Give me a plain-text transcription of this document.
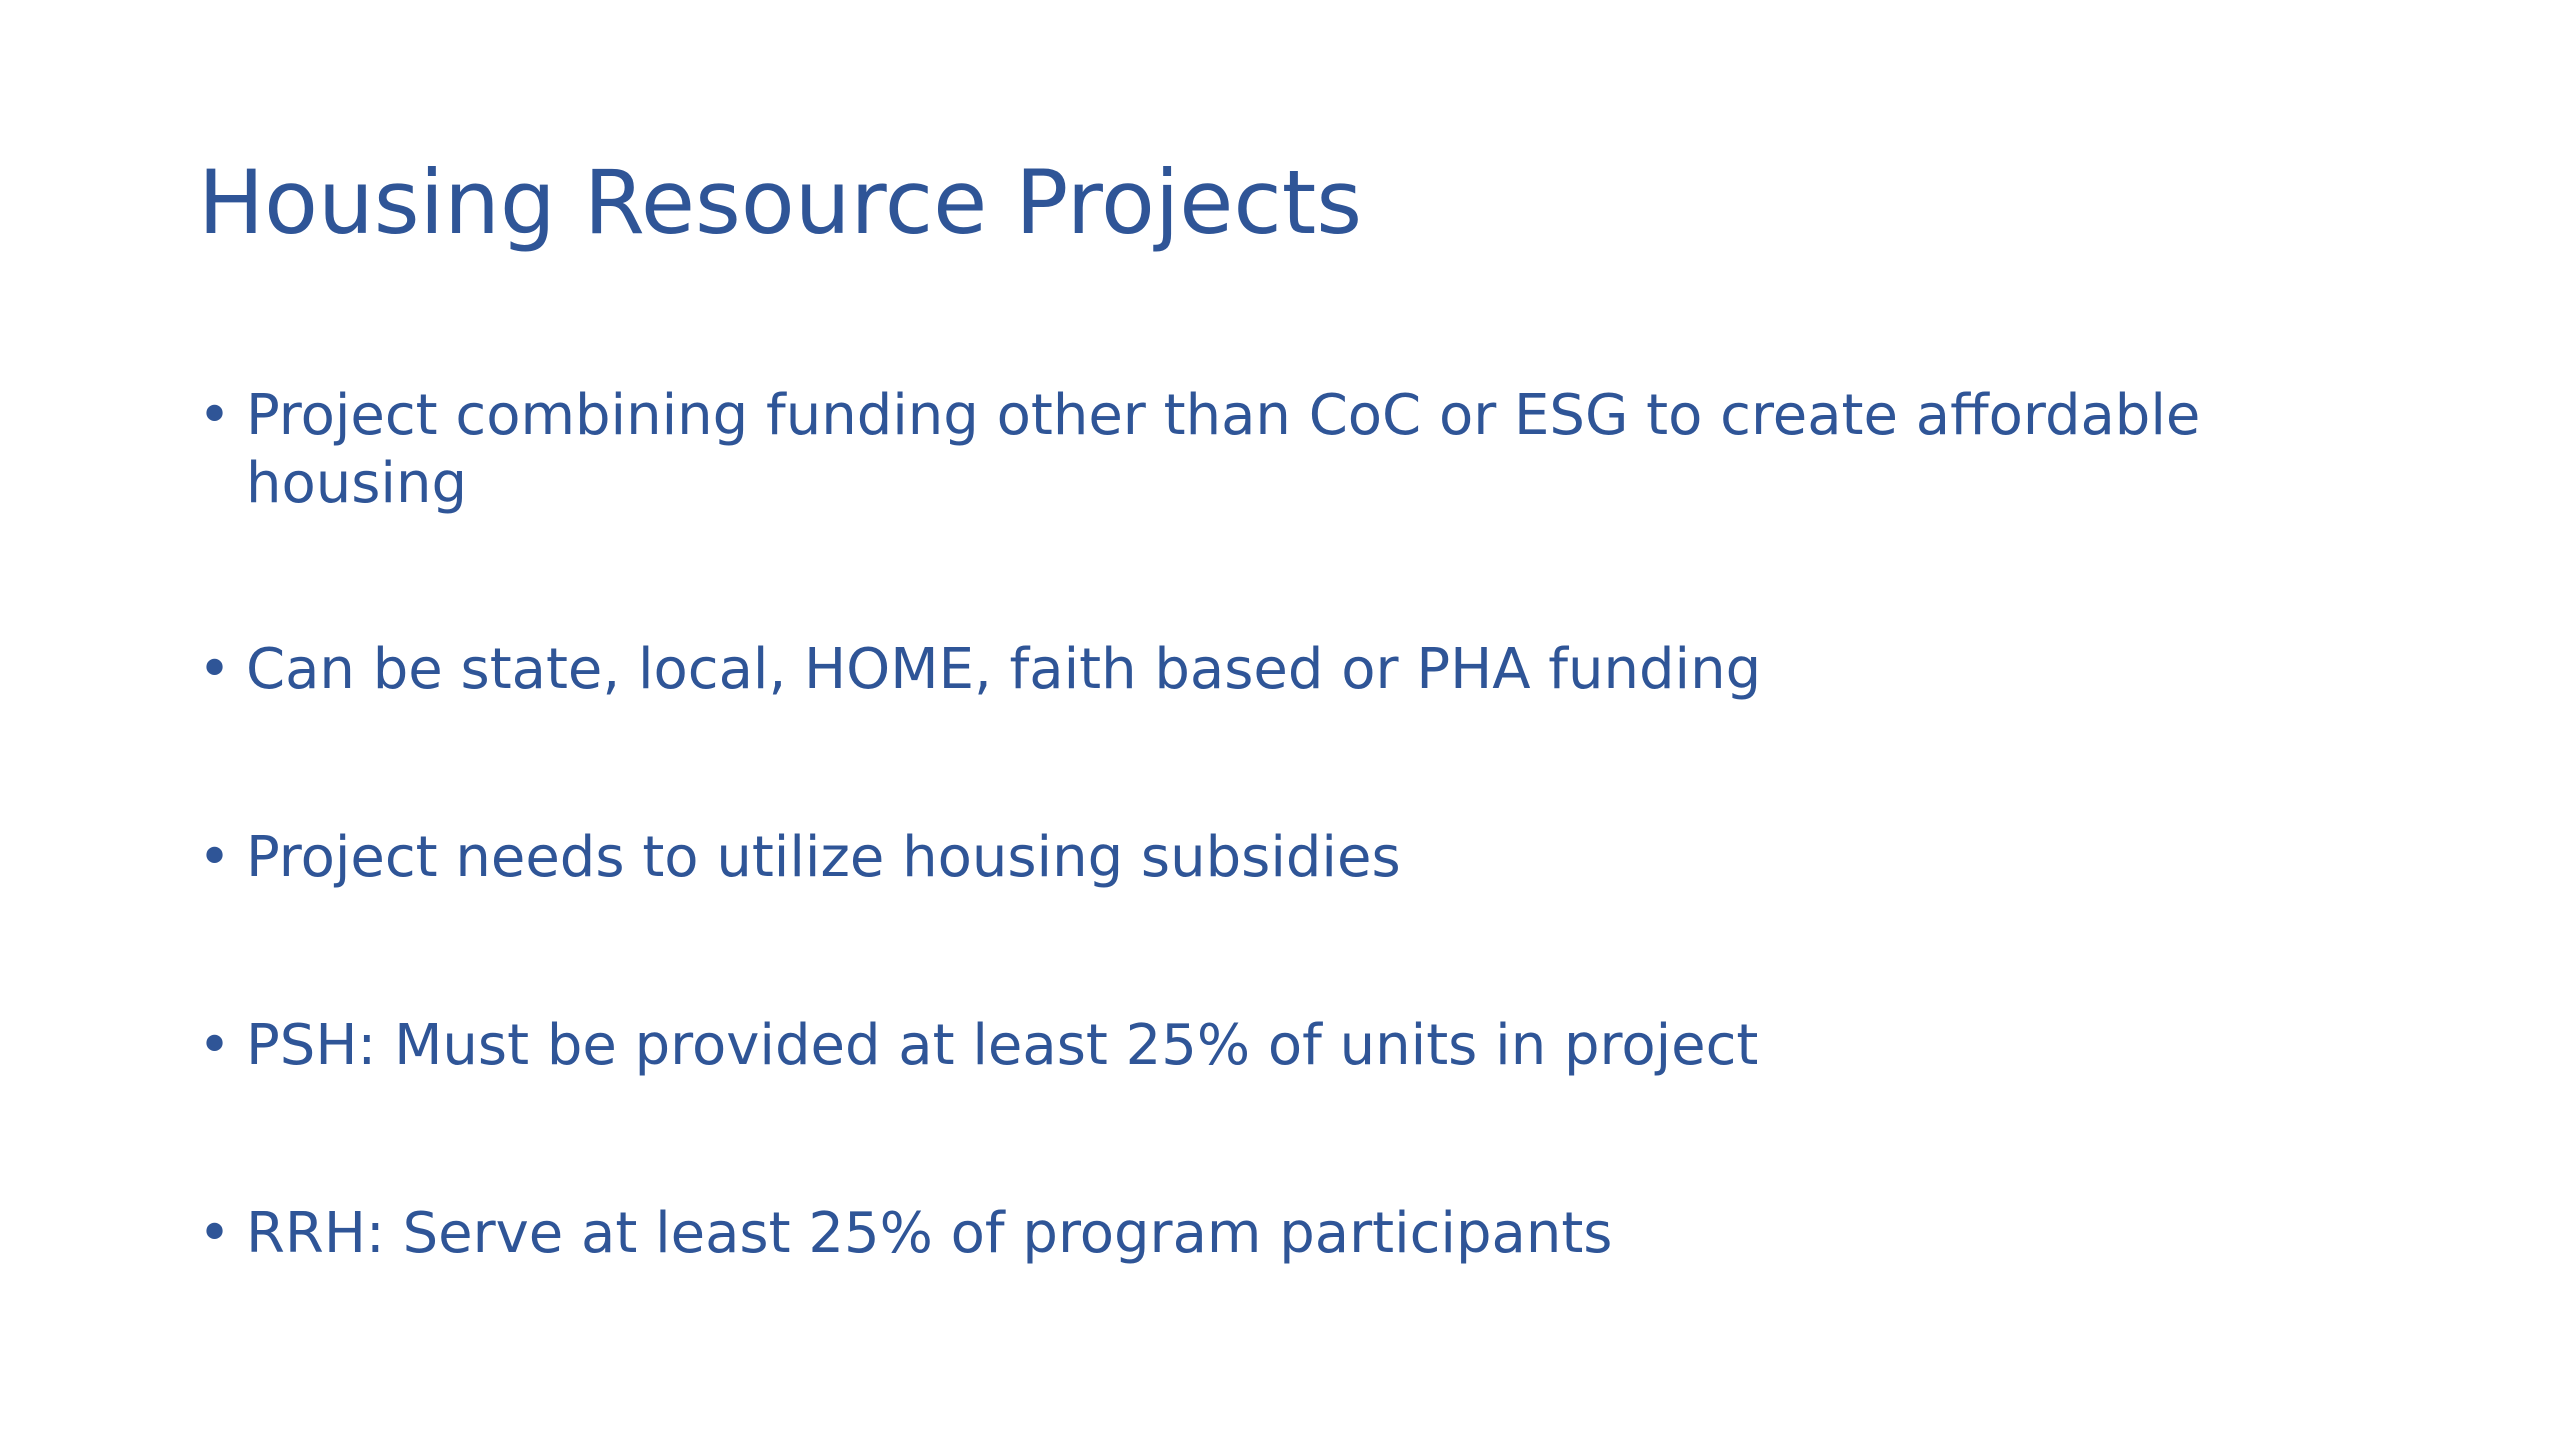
Housing Resource Projects
• Project combining funding other than CoC or ESG to create affordable housing
• Can be state, local, HOME, faith based or PHA funding
• Project needs to utilize housing subsidies
• PSH: Must be provided at least 25% of units in project
• RRH: Serve at least 25% of program participants
